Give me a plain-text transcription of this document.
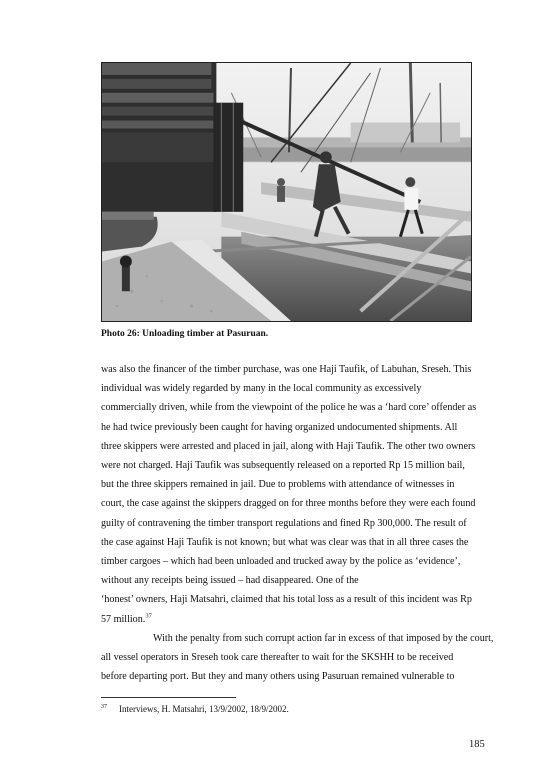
Photo 26: Unloading timber at Pasuruan.
was also the financer of the timber purchase, was one Haji Taufik, of Labuhan, Sreseh. This
individual was widely regarded by many in the local community as excessively
commercially driven, while from the viewpoint of the police he was a ‘hard core’ offender as
he had twice previously been caught for having organized undocumented shipments. All
three skippers were arrested and placed in jail, along with Haji Taufik. The other two owners
were not charged. Haji Taufik was subsequently released on a reported Rp 15 million bail,
but the three skippers remained in jail. Due to problems with attendance of witnesses in
court, the case against the skippers dragged on for three months before they were each found
guilty of contravening the timber transport regulations and fined Rp 300,000. The result of
the case against Haji Taufik is not known; but what was clear was that in all three cases the
timber cargoes – which had been unloaded and trucked away by the police as ‘evidence’,
without any receipts being issued – had disappeared. One of the
‘honest’ owners, Haji Matsahri, claimed that his total loss as a result of this incident was Rp
57 million.$^{37}$
With the penalty from such corrupt action far in excess of that imposed by the court,
all vessel operators in Sreseh took care thereafter to wait for the SKSHH to be received
before departing port. But they and many others using Pasuruan remained vulnerable to
$^{37}$ Interviews, H. Matsahri, 13/9/2002, 18/9/2002.
185
